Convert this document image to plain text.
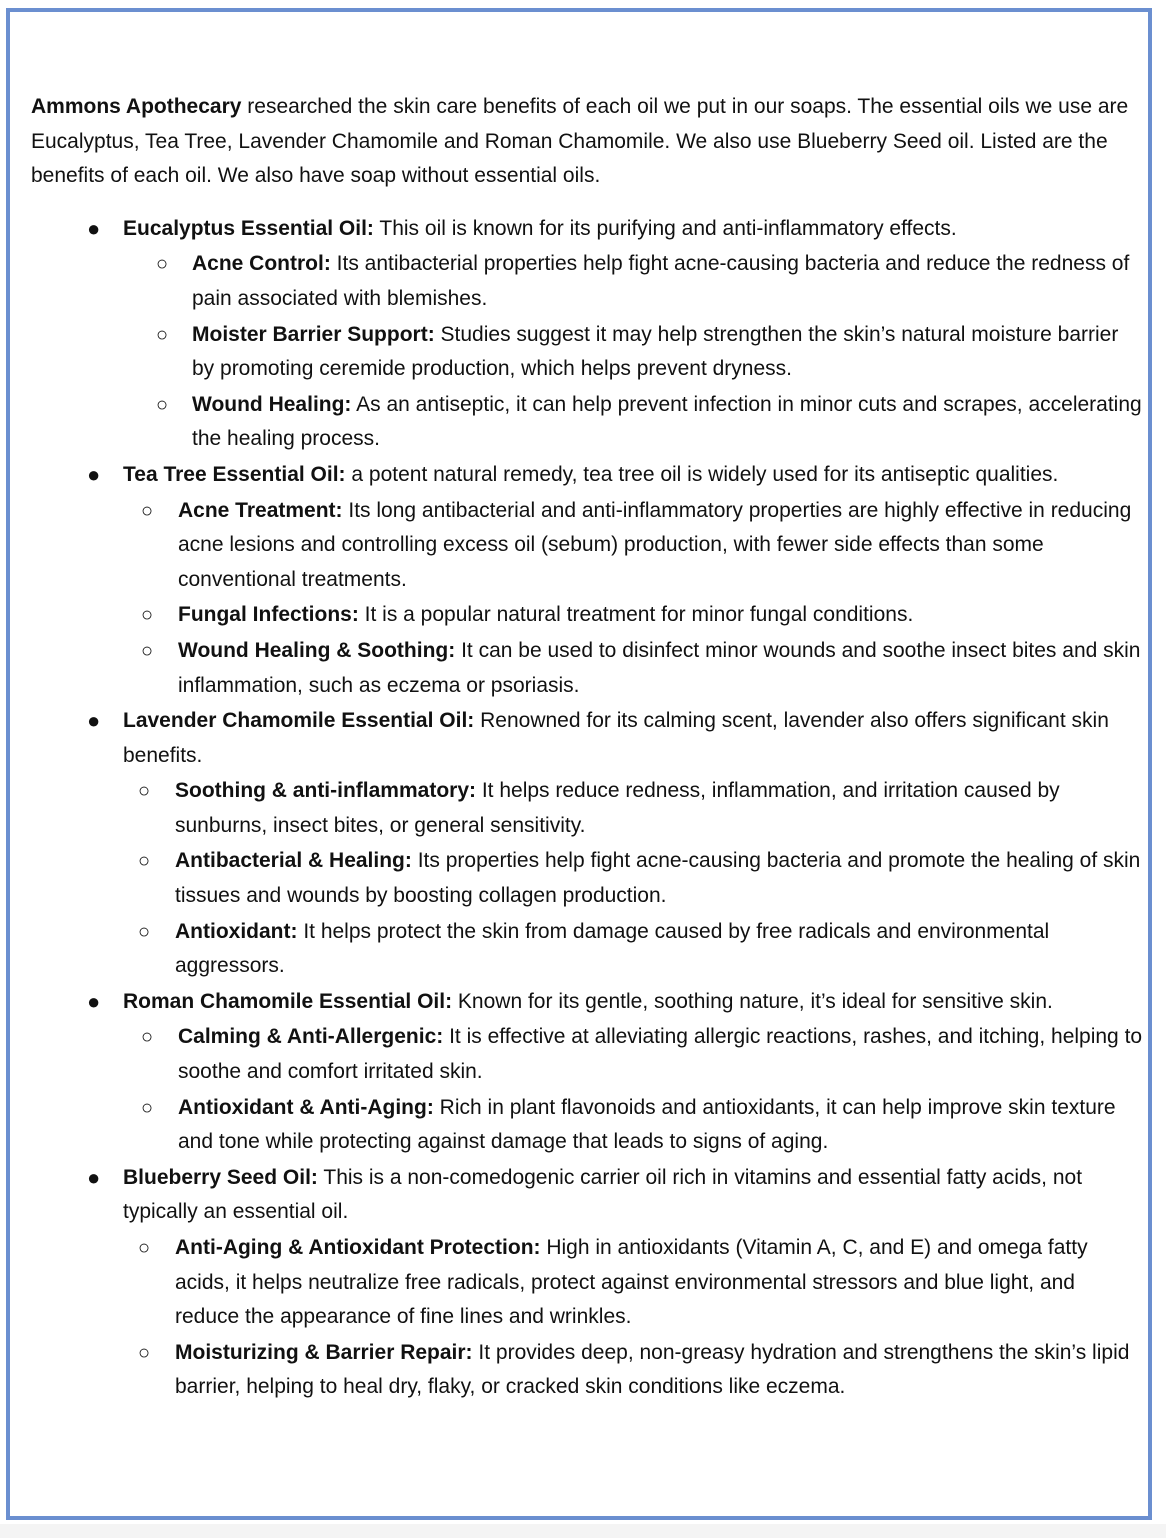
Ammons Apothecary researched the skin care benefits of each oil we put in our soaps. The essential oils we use are Eucalyptus, Tea Tree, Lavender Chamomile and Roman Chamomile. We also use Blueberry Seed oil. Listed are the benefits of each oil. We also have soap without essential oils.

● Eucalyptus Essential Oil: This oil is known for its purifying and anti-inflammatory effects.
○ Acne Control: Its antibacterial properties help fight acne-causing bacteria and reduce the redness of pain associated with blemishes.
○ Moister Barrier Support: Studies suggest it may help strengthen the skin’s natural moisture barrier by promoting ceremide production, which helps prevent dryness.
○ Wound Healing: As an antiseptic, it can help prevent infection in minor cuts and scrapes, accelerating the healing process.
● Tea Tree Essential Oil: a potent natural remedy, tea tree oil is widely used for its antiseptic qualities.
○ Acne Treatment: Its long antibacterial and anti-inflammatory properties are highly effective in reducing acne lesions and controlling excess oil (sebum) production, with fewer side effects than some conventional treatments.
○ Fungal Infections: It is a popular natural treatment for minor fungal conditions.
○ Wound Healing & Soothing: It can be used to disinfect minor wounds and soothe insect bites and skin inflammation, such as eczema or psoriasis.
● Lavender Chamomile Essential Oil: Renowned for its calming scent, lavender also offers significant skin benefits.
○ Soothing & anti-inflammatory: It helps reduce redness, inflammation, and irritation caused by sunburns, insect bites, or general sensitivity.
○ Antibacterial & Healing: Its properties help fight acne-causing bacteria and promote the healing of skin tissues and wounds by boosting collagen production.
○ Antioxidant: It helps protect the skin from damage caused by free radicals and environmental aggressors.
● Roman Chamomile Essential Oil: Known for its gentle, soothing nature, it’s ideal for sensitive skin.
○ Calming & Anti-Allergenic: It is effective at alleviating allergic reactions, rashes, and itching, helping to soothe and comfort irritated skin.
○ Antioxidant & Anti-Aging: Rich in plant flavonoids and antioxidants, it can help improve skin texture and tone while protecting against damage that leads to signs of aging.
● Blueberry Seed Oil: This is a non-comedogenic carrier oil rich in vitamins and essential fatty acids, not typically an essential oil.
○ Anti-Aging & Antioxidant Protection: High in antioxidants (Vitamin A, C, and E) and omega fatty acids, it helps neutralize free radicals, protect against environmental stressors and blue light, and reduce the appearance of fine lines and wrinkles.
○ Moisturizing & Barrier Repair: It provides deep, non-greasy hydration and strengthens the skin’s lipid barrier, helping to heal dry, flaky, or cracked skin conditions like eczema.
